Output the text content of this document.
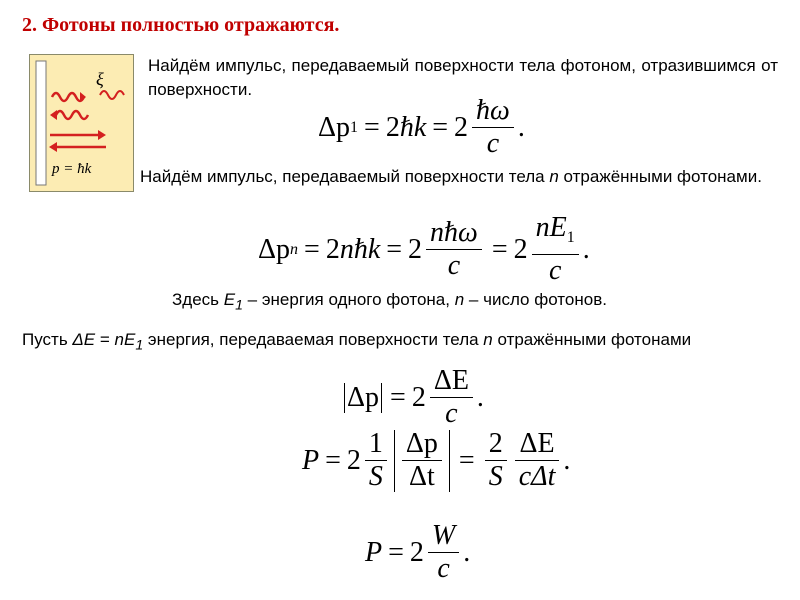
2. Фотоны полностью отражаются.
ξ
p = ħk
Найдём импульс, передаваемый поверхности тела фотоном, отразившимся от поверхности.
Δp 1 = 2 h $k = 2 \frac{h\omega}{c}$ .
Найдём импульс, передаваемый поверхности тела n отражёнными фотонами.
Δp n = 2 n h $k = 2 \frac{\text{nhω}}{c} = 2 \frac{nE_1}{c}$ .
Здесь $E_1$ – энергия одного фотона, n – число фотонов.
Пусть $\Delta E = nE_1$ энергия, передаваемая поверхности тела n отражёнными фотонами
$\Delta p = 2 \frac{\Delta E}{c}$ .
$P = 2 \frac{1}{S} \frac{\Delta p}{\Delta t} = \frac{2}{S} \frac{\Delta E}{\text{cΔt}}$ .
$P = 2 \frac{W}{c}$ .
